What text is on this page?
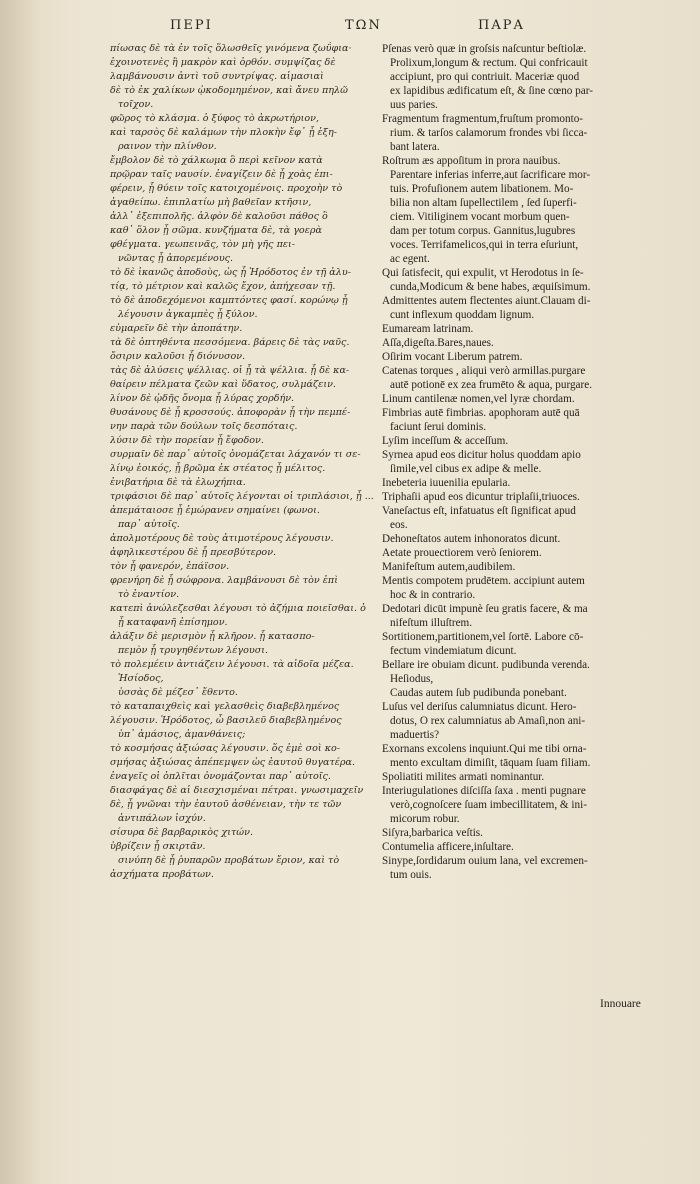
ΠΕΡΙ	ΤΩΝ	ΠΑΡΑ
πίωσας δὲ τὰ ἐν τοῖς ὅλωσθεῖς γινόμενα ζωΰφια·
ἐχοινοτενὲς ἢ μακρὸν καὶ ὀρθόν. συμψίζας δὲ
λαμβάνουσιν ἀντὶ τοῦ συντρίψας. αἱμασιαὶ
δὲ τὸ ἐκ χαλίκων ᾠκοδομημένον, καὶ ἄνευ πηλῶ
τοῖχον.
φῶρος τὸ κλάσμα. ὁ ξύφος τὸ ἀκρωτήριον,
καὶ ταρσὸς δὲ καλάμων τὴν πλοκὴν ἔφ᾽ ᾗ ἐξη-
ραινον τὴν πλίνθον.
ἔμβολον δὲ τὸ χάλκωμα ὃ περὶ κεῖνον κατὰ
πρῷραν ταῖς ναυσίν. ἐναγίζειν δὲ ᾗ χοὰς ἐπι-
φέρειν, ᾗ θύειν τοῖς κατοιχομένοις. προχοὴν τὸ
ἀγαθείπω. ἐπιπλατίω μὴ βαθεῖαν κτῆσιν,
ἀλλ᾽ ἐξεπιπολῆς. ἀλφὸν δὲ καλοῦσι πάθος ὃ
καθ᾽ ὅλον ᾗ σῶμα. κυνζήματα δὲ, τὰ γοερὰ
φθέγματα. γεωπεινᾶς, τὸν μὴ γῆς πει-
νῶντας ᾗ ἀπορεμένους.
τὸ δὲ ἱκανῶς ἀποδοὺς, ὡς ᾗ Ἡρόδοτος ἐν τῇ ἀλυ-
τίᾳ, τὸ μέτριον καὶ καλῶς ἔχον, ἀπήχεσαν τῇ.
τὸ δὲ ἀποδεχόμενοι καμπτόντες φασί. κορώνῳ ᾗ
λέγουσιν ἀγκαμπὲς ᾗ ξύλον.
εὐμαρεῖν δὲ τὴν ἀποπάτην.
τὰ δὲ ὀπτηθέντα πεσσόμενα. βάρεις δὲ τὰς ναῦς.
ὄσιριν καλοῦσι ᾗ διόνυσον.
τὰς δὲ ἁλύσεις ψέλλιας. οἱ ᾗ τὰ ψέλλια. ᾗ δὲ κα-
θαίρειν πέλματα ζεῶν καὶ ὕδατος, συλμάζειν.
λίνον δὲ ᾠδῆς ὄνομα ᾗ λύρας χορδήν.
θυσάνους δὲ ᾗ κροσσούς. ἀποφορὰν ᾗ τὴν πεμπέ-
νην παρὰ τῶν δούλων τοῖς δεσπόταις.
λύσιν δὲ τὴν πορείαν ᾗ ἔφοδον.
συρμαῖν δὲ παρ᾽ αὐτοῖς ὀνομάζεται λάχανόν τι σε-
λίνῳ ἐοικός, ᾗ βρῶμα ἐκ στέατος ᾗ μέλιτος.
ἐνιβατήρια δὲ τὰ ἐλωχήπια.
τριφάσιοι δὲ παρ᾽ αὐτοῖς λέγονται οἱ τριπλάσιοι, ᾗ ...
ἀπεμάταιοσε ᾗ ἐμώρανεν σημαίνει (φωνοι.
παρ᾽ αὐτοῖς.
ἀπολμοτέρους δὲ τοὺς ἀτιμοτέρους λέγουσιν.
ἀφηλικεστέρου δὲ ᾗ πρεσβύτερον.
τὸν ᾗ φανερόν, ἐπάϊσον.
φρενήρη δὲ ᾗ σώφρονα. λαμβάνουσι δὲ τὸν ἐπὶ
τὸ ἐναντίον.
κατεπὶ ἀνώλεζεσθαι λέγουσι τὸ ἀζήμια ποιεῖσθαι. ὁ
ᾗ καταφανῆ ἐπίσημον.
ἀλάξιν δὲ μερισμὸν ᾗ κλῆρον. ᾗ κατασπο-
πεμὸν ᾗ τρυγηθέντων λέγουσι.
τὸ πολεμέειν ἀντιάζειν λέγουσι. τὰ αἰδοῖα μέζεα.
Ἡσίοδος,
ὑσσὰς δὲ μέζεσ᾽ ἔθεντο.
τὸ καταπαιχθεὶς καὶ γελασθεὶς διαβεβλημένος
λέγουσιν. Ἡρόδοτος, ὦ βασιλεῦ διαβεβλημένος
ὑπ᾽ ἀμάσιος, ἀμανθάνεις;
τὸ κοσμήσας ἀξιώσας λέγουσιν. ὅς ἐμὲ σοὶ κο-
σμήσας ἀξιώσας ἀπέπεμψεν ὡς ἑαυτοῦ θυγατέρα.
ἐναγεῖς οἱ ὁπλῖται ὀνομάζονται παρ᾽ αὐτοῖς.
διασφάγας δὲ αἱ διεσχισμέναι πέτραι. γνωσιμαχεῖν
δὲ, ᾗ γνῶναι τὴν ἑαυτοῦ ἀσθένειαν, τὴν τε τῶν
ἀντιπάλων ἰσχύν.
σίσυρα δὲ βαρβαρικὸς χιτών.
ὑβρίζειν ᾗ σκιρτᾶν.
σινύπη δὲ ᾗ ῥυπαρῶν προβάτων ἔριον, καὶ τὸ
ἀσχήματα προβάτων.
Pſenas verò quæ in groſsis naſcuntur beſtiolæ.
Prolixum,longum & rectum. Qui confricauit
accipiunt, pro qui contriuit. Maceriæ quod
ex lapidibus ædificatum eſt, & ſine cœno par-
uus paries.
Fragmentum fragmentum,fruſtum promonto-
rium. & tarſos calamorum frondes vbi ſicca-
bant latera.
Roſtrum æs appoſitum in prora nauibus.
Parentare inferias inferre,aut ſacrificare mor-
tuis. Profuſionem autem libationem. Mo-
bilia non altam ſupellectilem , ſed ſuperfi-
ciem. Vitiliginem vocant morbum quen-
dam per totum corpus. Gannitus,lugubres
voces. Terrifamelicos,qui in terra eſuriunt,
ac egent.
Qui ſatisfecit, qui expulit, vt Herodotus in ſe-
cunda,Modicum & bene habes, æquiſsimum.
Admittentes autem flectentes aiunt.Clauam di-
cunt inflexum quoddam lignum.
Eumaream latrinam.
Aſſa,digeſta.Bares,naues.
Oſirim vocant Liberum patrem.
Catenas torques , aliqui verò armillas.purgare
autē potionē ex zea frumēto & aqua, purgare.
Linum cantilenæ nomen,vel lyræ chordam.
Fimbrias autē fimbrias. apophoram autē quā
faciunt ſerui dominis.
Lyſim inceſſum & acceſſum.
Syrnea apud eos dicitur holus quoddam apio
ſimile,vel cibus ex adipe & melle.
Inebeteria iuuenilia epularia.
Triphaſii apud eos dicuntur triplaſii,triuoces.
Vaneſactus eſt, infatuatus eſt ſignificat apud
eos.
Dehoneſtatos autem inhonoratos dicunt.
Aetate prouectiorem verò ſeniorem.
Manifeſtum autem,audibilem.
Mentis compotem prudētem. accipiunt autem
hoc & in contrario.
Dedotari dicūt impunè ſeu gratis facere, & ma
nifeſtum illuſtrem.
Sortitionem,partitionem,vel ſortē. Labore cō-
fectum vindemiatum dicunt.
Bellare ire obuiam dicunt. pudibunda verenda.
Heſiodus,
Caudas autem ſub pudibunda ponebant.
Luſus vel deriſus calumniatus dicunt. Hero-
dotus, O rex calumniatus ab Amaſi,non ani-
maduertis?
Exornans excolens inquiunt.Qui me tibi orna-
mento excultam dimiſit, tāquam ſuam filiam.
Spoliatiti milites armati nominantur.
Interiugulationes diſciſſa ſaxa . menti pugnare
verò,cognoſcere ſuam imbecillitatem, & ini-
micorum robur.
Siſyra,barbarica veſtis.
Contumelia afficere,inſultare.
Sinype,ſordidarum ouium lana, vel excremen-
tum ouis.
Innouare
